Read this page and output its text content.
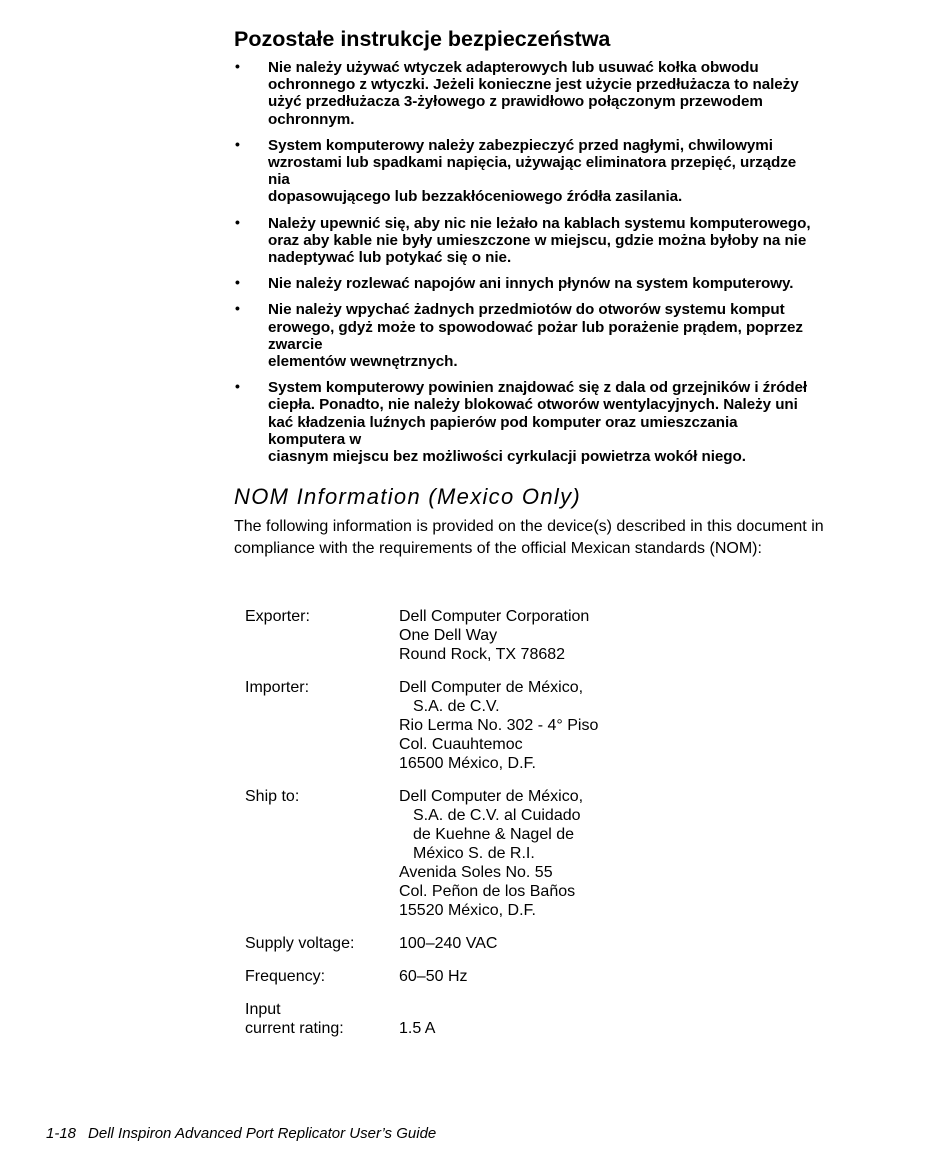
Pozostałe instrukcje bezpieczeństwa
• Nie należy używać wtyczek adapterowych lub usuwać kołka obwodu
ochronnego z wtyczki. Jeżeli konieczne jest użycie przedłużacza to należy
użyć przedłużacza 3-żyłowego z prawidłowo połączonym przewodem
ochronnym.
• System komputerowy należy zabezpieczyć przed nagłymi, chwilowymi
wzrostami lub spadkami napięcia, używając eliminatora przepięć, urządze
nia
dopasowującego lub bezzakłóceniowego źródła zasilania.
• Należy upewnić się, aby nic nie leżało na kablach systemu komputerowego,
oraz aby kable nie były umieszczone w miejscu, gdzie można byłoby na nie
nadeptywać lub potykać się o nie.
• Nie należy rozlewać napojów ani innych płynów na system komputerowy.
• Nie należy wpychać żadnych przedmiotów do otworów systemu komput
erowego, gdyż może to spowodować pożar lub porażenie prądem, poprzez
zwarcie
elementów wewnętrznych.
• System komputerowy powinien znajdować się z dala od grzejników i źródeł
ciepła. Ponadto, nie należy blokować otworów wentylacyjnych. Należy uni
kać kładzenia luźnych papierów pod komputer oraz umieszczania
komputera w
ciasnym miejscu bez możliwości cyrkulacji powietrza wokół niego.
NOM Information (Mexico Only)

The following information is provided on the device(s) described in this document in
compliance with the requirements of the official Mexican standards (NOM):

Exporter:	Dell Computer Corporation
One Dell Way
Round Rock, TX 78682
Importer:	Dell Computer de México,
S.A. de C.V.
Rio Lerma No. 302 - 4° Piso
Col. Cuauhtemoc
16500 México, D.F.
Ship to:	Dell Computer de México,
S.A. de C.V. al Cuidado
de Kuehne & Nagel de
México S. de R.I.
Avenida Soles No. 55
Col. Peñon de los Baños
15520 México, D.F.
Supply voltage:	100–240 VAC
Frequency:	60–50 Hz
Input
current rating:
	1.5 A

1-18 Dell Inspiron Advanced Port Replicator User’s Guide
